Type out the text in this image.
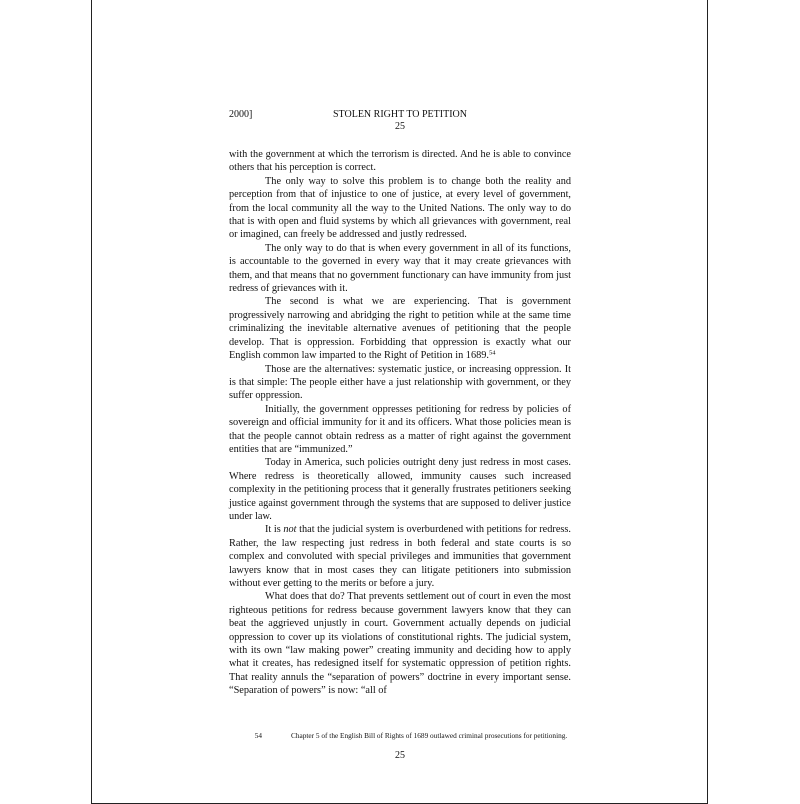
2000]	STOLEN RIGHT TO PETITION
25

with the government at which the terrorism is directed. And he is able to convince others that his perception is correct.

The only way to solve this problem is to change both the reality and perception from that of injustice to one of justice, at every level of government, from the local community all the way to the United Nations. The only way to do that is with open and fluid systems by which all grievances with government, real or imagined, can freely be addressed and justly redressed.

The only way to do that is when every government in all of its functions, is accountable to the governed in every way that it may create grievances with them, and that means that no government functionary can have immunity from just redress of grievances with it.

The second is what we are experiencing. That is government progressively narrowing and abridging the right to petition while at the same time criminalizing the inevitable alternative avenues of petitioning that the people develop. That is oppression. Forbidding that oppression is exactly what our English common law imparted to the Right of Petition in 1689.54

Those are the alternatives: systematic justice, or increasing oppression. It is that simple: The people either have a just relationship with government, or they suffer oppression.

Initially, the government oppresses petitioning for redress by policies of sovereign and official immunity for it and its officers. What those policies mean is that the people cannot obtain redress as a matter of right against the government entities that are “immunized.”

Today in America, such policies outright deny just redress in most cases. Where redress is theoretically allowed, immunity causes such increased complexity in the petitioning process that it generally frustrates petitioners seeking justice against government through the systems that are supposed to deliver justice under law.

It is not that the judicial system is overburdened with petitions for redress. Rather, the law respecting just redress in both federal and state courts is so complex and convoluted with special privileges and immunities that government lawyers know that in most cases they can litigate petitioners into submission without ever getting to the merits or before a jury.

What does that do? That prevents settlement out of court in even the most righteous petitions for redress because government lawyers know that they can beat the aggrieved unjustly in court. Government actually depends on judicial oppression to cover up its violations of constitutional rights. The judicial system, with its own “law making power” creating immunity and deciding how to apply what it creates, has redesigned itself for systematic oppression of petition rights. That reality annuls the “separation of powers” doctrine in every important sense. “Separation of powers” is now: “all of

54	Chapter 5 of the English Bill of Rights of 1689 outlawed criminal prosecutions for petitioning.
25
